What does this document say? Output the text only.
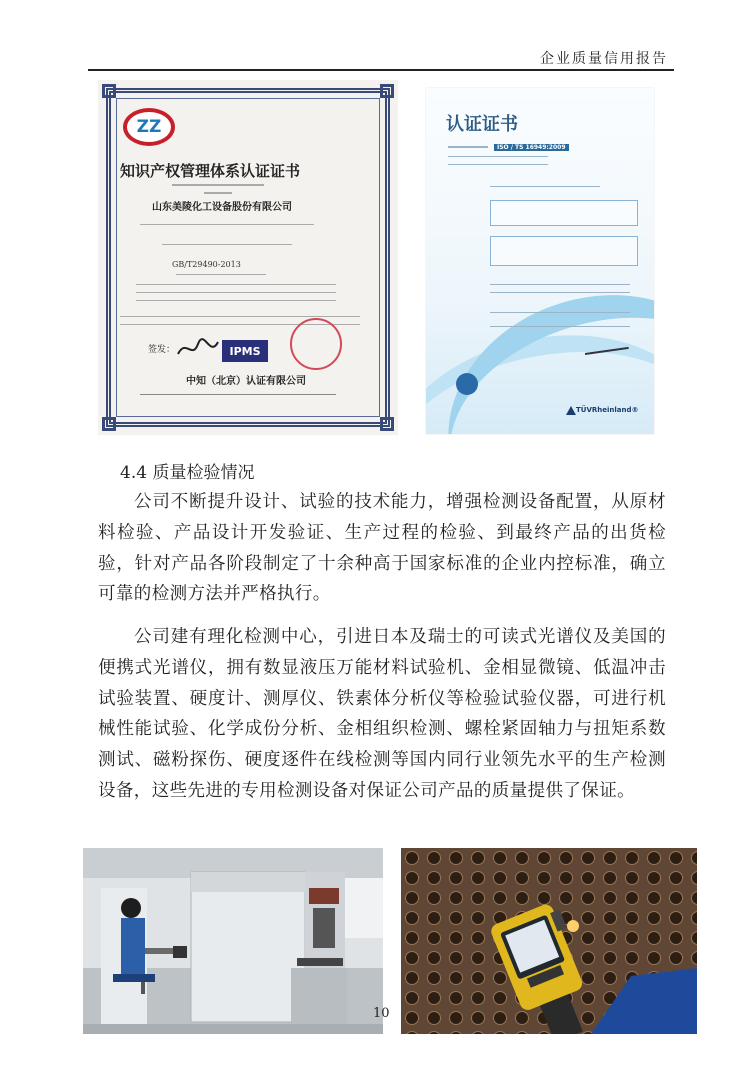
企业质量信用报告
ZZ
知识产权管理体系认证证书
山东美陵化工设备股份有限公司
GB/T29490-2013
签发：	IPMS
中知（北京）认证有限公司
认证证书
ISO / TS 16949:2009
TÜVRheinland®
4.4 质量检验情况

公司不断提升设计、试验的技术能力，增强检测设备配置，从原材料检验、产品设计开发验证、生产过程的检验、到最终产品的出货检验，针对产品各阶段制定了十余种高于国家标准的企业内控标准，确立可靠的检测方法并严格执行。

公司建有理化检测中心，引进日本及瑞士的可读式光谱仪及美国的便携式光谱仪，拥有数显液压万能材料试验机、金相显微镜、低温冲击试验装置、硬度计、测厚仪、铁素体分析仪等检验试验仪器，可进行机械性能试验、化学成份分析、金相组织检测、螺栓紧固轴力与扭矩系数测试、磁粉探伤、硬度逐件在线检测等国内同行业领先水平的生产检测设备，这些先进的专用检测设备对保证公司产品的质量提供了保证。

10
